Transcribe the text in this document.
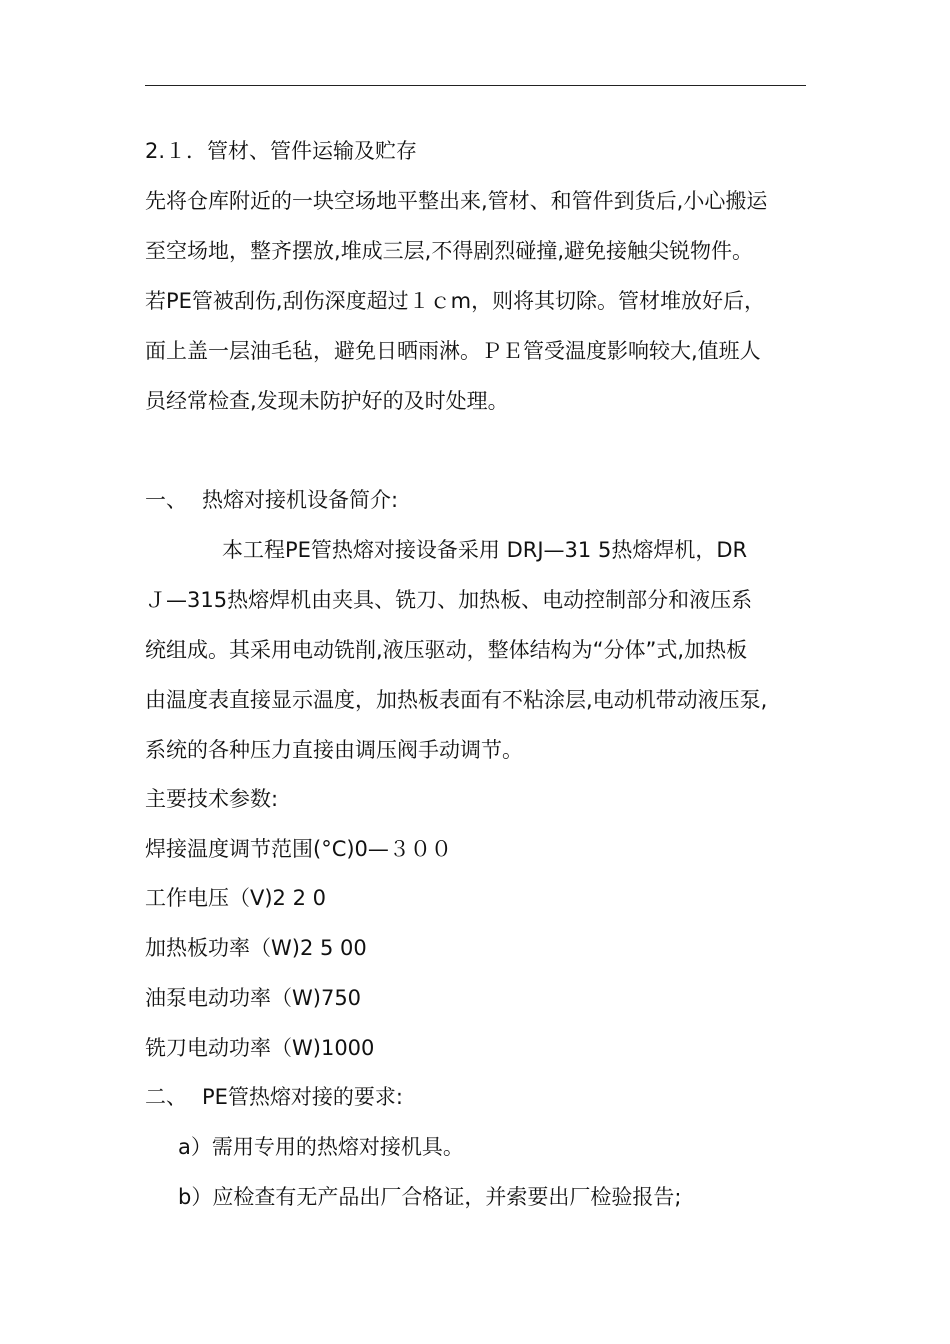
2.１．管材、管件运输及贮存
先将仓库附近的一块空场地平整出来,管材、和管件到货后,小心搬运
至空场地，整齐摆放,堆成三层,不得剧烈碰撞,避免接触尖锐物件。
若PE管被刮伤,刮伤深度超过１ｃm，则将其切除。管材堆放好后，
面上盖一层油毛毡，避免日晒雨淋。ＰＥ管受温度影响较大,值班人
员经常检查,发现未防护好的及时处理。
一、 热熔对接机设备简介:
本工程PE管热熔对接设备采用 DRJ—31 5热熔焊机，DR
Ｊ—315热熔焊机由夹具、铣刀、加热板、电动控制部分和液压系
统组成。其采用电动铣削,液压驱动，整体结构为“分体”式,加热板
由温度表直接显示温度，加热板表面有不粘涂层,电动机带动液压泵,
系统的各种压力直接由调压阀手动调节。
主要技术参数:
焊接温度调节范围(°C)0—３００
工作电压（V)2 2 0
加热板功率（W)2 5 00
油泵电动功率（W)750
铣刀电动功率（W)1000
二、 PE管热熔对接的要求:
a）需用专用的热熔对接机具。
b）应检查有无产品出厂合格证，并索要出厂检验报告;
